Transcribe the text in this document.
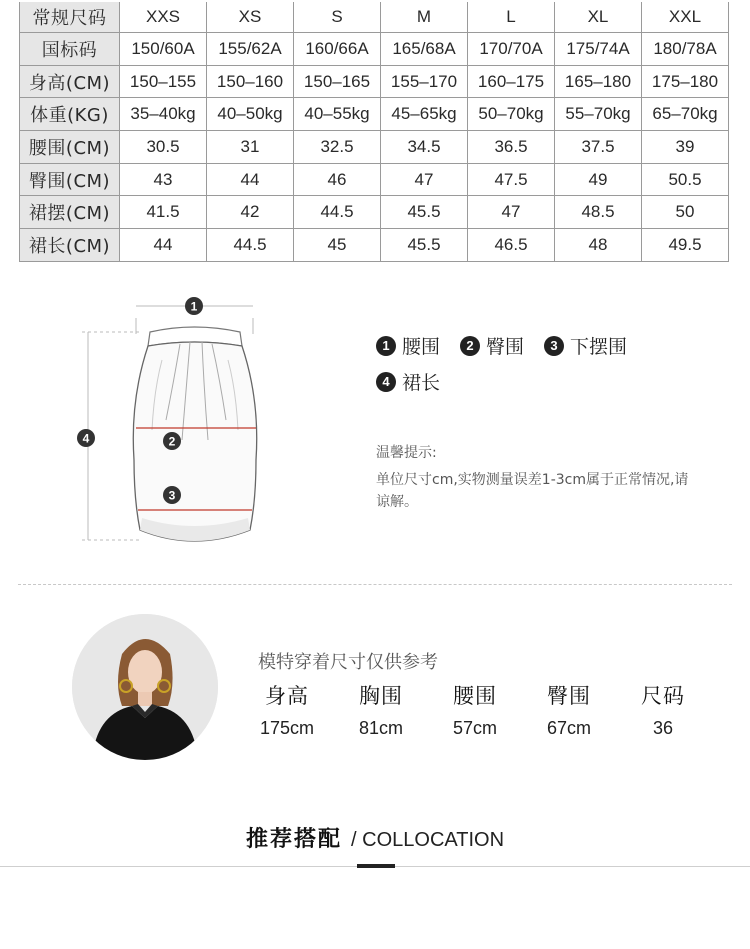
常规尺码	XXS	XS	S	M	L	XL	XXL
国标码	150/60A	155/62A	160/66A	165/68A	170/70A	175/74A	180/78A
身高(CM)	150–155	150–160	150–165	155–170	160–175	165–180	175–180
体重(KG)	35–40kg	40–50kg	40–55kg	45–65kg	50–70kg	55–70kg	65–70kg
腰围(CM)	30.5	31	32.5	34.5	36.5	37.5	39
臀围(CM)	43	44	46	47	47.5	49	50.5
裙摆(CM)	41.5	42	44.5	45.5	47	48.5	50
裙长(CM)	44	44.5	45	45.5	46.5	48	49.5
1
2
3
4
1 腰围	2 臀围	3 下摆围
4 裙长
温馨提示:
单位尺寸cm,实物测量误差1-3cm属于正常情况,请谅解。
模特穿着尺寸仅供参考
身高
175cm
胸围
81cm
腰围
57cm
臀围
67cm
尺码
36
推荐搭配 / COLLOCATION
